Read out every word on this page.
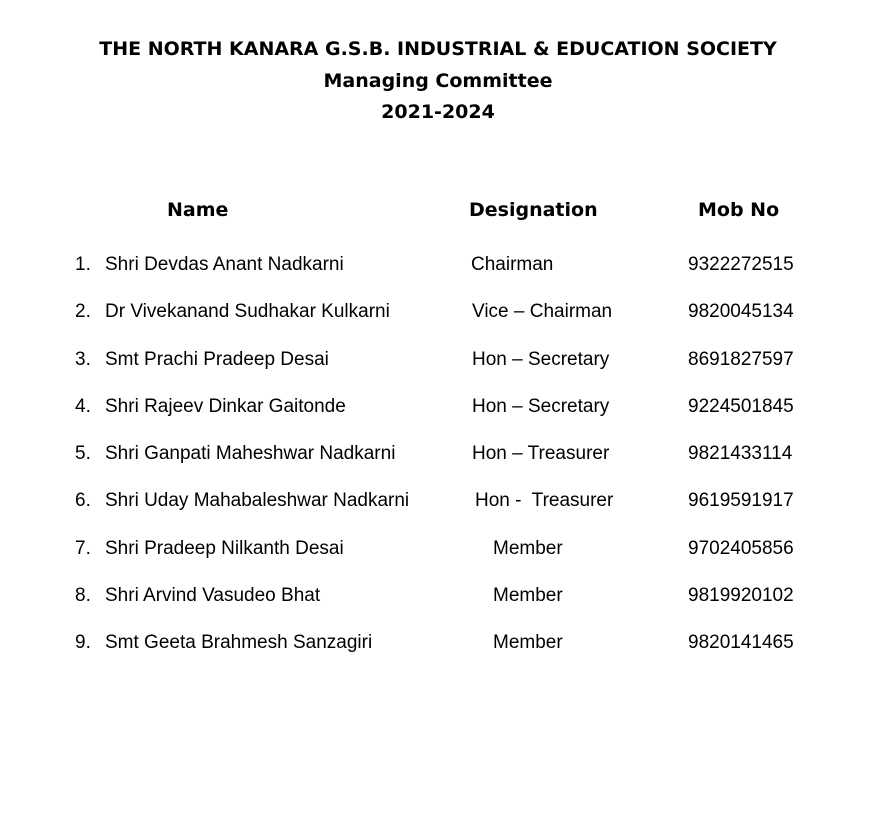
THE NORTH KANARA G.S.B. INDUSTRIAL & EDUCATION SOCIETY
Managing Committee
2021-2024
Name	Designation	Mob No
1. Shri Devdas Anant Nadkarni	Chairman	9322272515
2. Dr Vivekanand Sudhakar Kulkarni	Vice – Chairman	9820045134
3. Smt Prachi Pradeep Desai	Hon – Secretary	8691827597
4. Shri Rajeev Dinkar Gaitonde	Hon – Secretary	9224501845
5. Shri Ganpati Maheshwar Nadkarni	Hon – Treasurer	9821433114
6. Shri Uday Mahabaleshwar Nadkarni	Hon -  Treasurer	9619591917
7. Shri Pradeep Nilkanth Desai	Member	9702405856
8. Shri Arvind Vasudeo Bhat	Member	9819920102
9. Smt Geeta Brahmesh Sanzagiri	Member	9820141465
